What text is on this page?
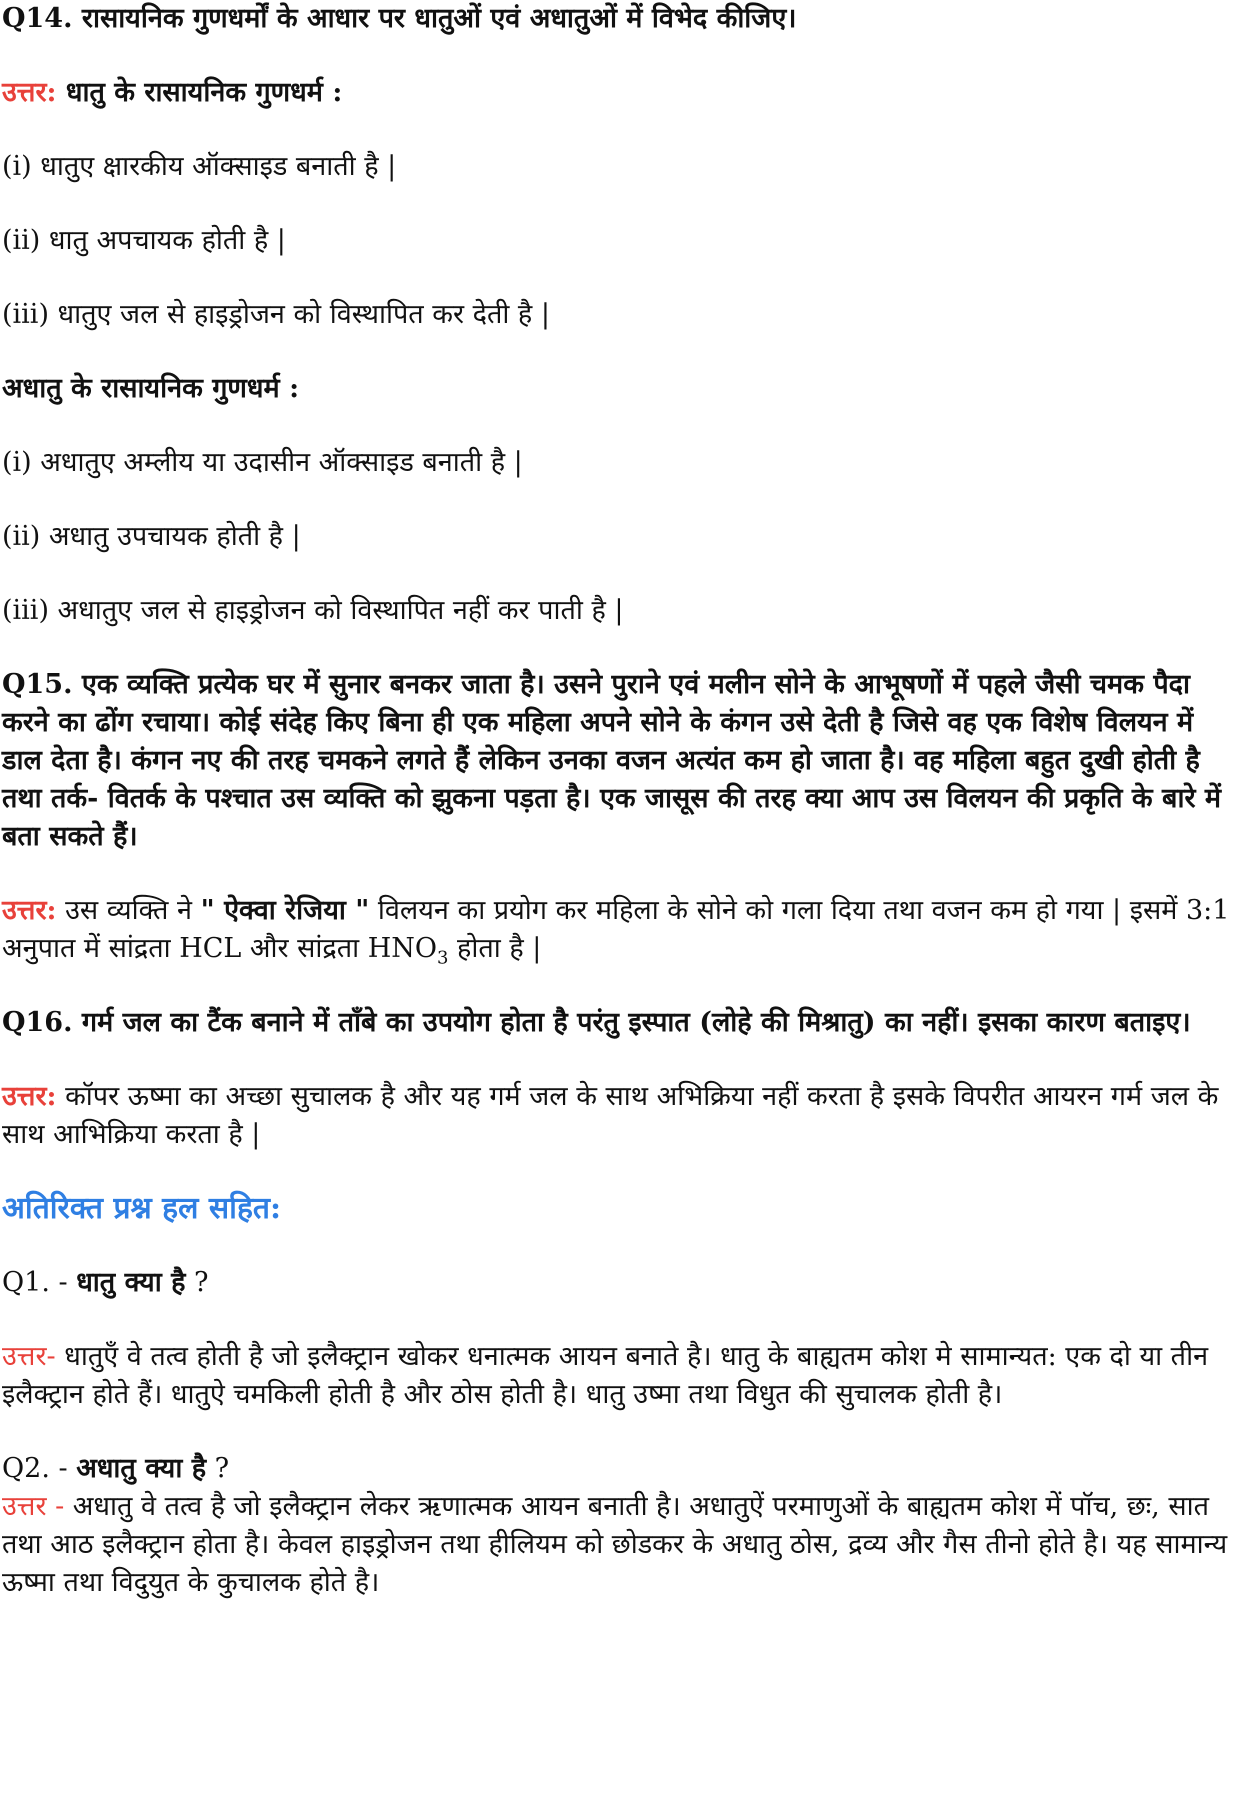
Q14. रासायनिक गुणधर्मों के आधार पर धातुओं एवं अधातुओं में विभेद कीजिए।

उत्तर: धातु के रासायनिक गुणधर्म :

(i) धातुए क्षारकीय ऑक्साइड बनाती है |

(ii) धातु अपचायक होती है |

(iii) धातुए जल से हाइड्रोजन को विस्थापित कर देती है |

अधातु के रासायनिक गुणधर्म :

(i) अधातुए अम्लीय या उदासीन ऑक्साइड बनाती है |

(ii) अधातु उपचायक होती है |

(iii) अधातुए जल से हाइड्रोजन को विस्थापित नहीं कर पाती है |

Q15. एक व्यक्ति प्रत्येक घर में सुनार बनकर जाता है। उसने पुराने एवं मलीन सोने के आभूषणों में पहले जैसी चमक पैदा करने का ढोंग रचाया। कोई संदेह किए बिना ही एक महिला अपने सोने के कंगन उसे देती है जिसे वह एक विशेष विलयन में डाल देता है। कंगन नए की तरह चमकने लगते हैं लेकिन उनका वजन अत्यंत कम हो जाता है। वह महिला बहुत दुखी होती है तथा तर्क- वितर्क के पश्चात उस व्यक्ति को झुकना पड़ता है। एक जासूस की तरह क्या आप उस विलयन की प्रकृति के बारे में बता सकते हैं।

उत्तर: उस व्यक्ति ने " ऐक्वा रेजिया " विलयन का प्रयोग कर महिला के सोने को गला दिया तथा वजन कम हो गया | इसमें 3:1 अनुपात में सांद्रता HCL और सांद्रता $HNO_3$ होता है |

Q16. गर्म जल का टैंक बनाने में ताँबे का उपयोग होता है परंतु इस्पात (लोहे की मिश्रातु) का नहीं। इसका कारण बताइए।

उत्तर: कॉपर ऊष्मा का अच्छा सुचालक है और यह गर्म जल के साथ अभिक्रिया नहीं करता है इसके विपरीत आयरन गर्म जल के साथ आभिक्रिया करता है |

अतिरिक्त प्रश्न हल सहित:

Q1. - धातु क्या है ?

उत्तर- धातुएँ वे तत्व होती है जो इलैक्ट्रान खोकर धनात्मक आयन बनाते है। धातु के बाह्यतम कोश मे सामान्यत: एक दो या तीन इलैक्ट्रान होते हैं। धातुऐ चमकिली होती है और ठोस होती है। धातु उष्मा तथा विधुत की सुचालक होती है।

Q2. - अधातु क्या है ?

उत्तर - अधातु वे तत्व है जो इलैक्ट्रान लेकर ऋणात्मक आयन बनाती है। अधातुऐं परमाणुओं के बाह्यतम कोश में पॉच, छः, सात तथा आठ इलैक्ट्रान होता है। केवल हाइड्रोजन तथा हीलियम को छोडकर के अधातु ठोस, द्रव्य और गैस तीनो होते है। यह सामान्य ऊष्मा तथा विदुयुत के कुचालक होते है।
